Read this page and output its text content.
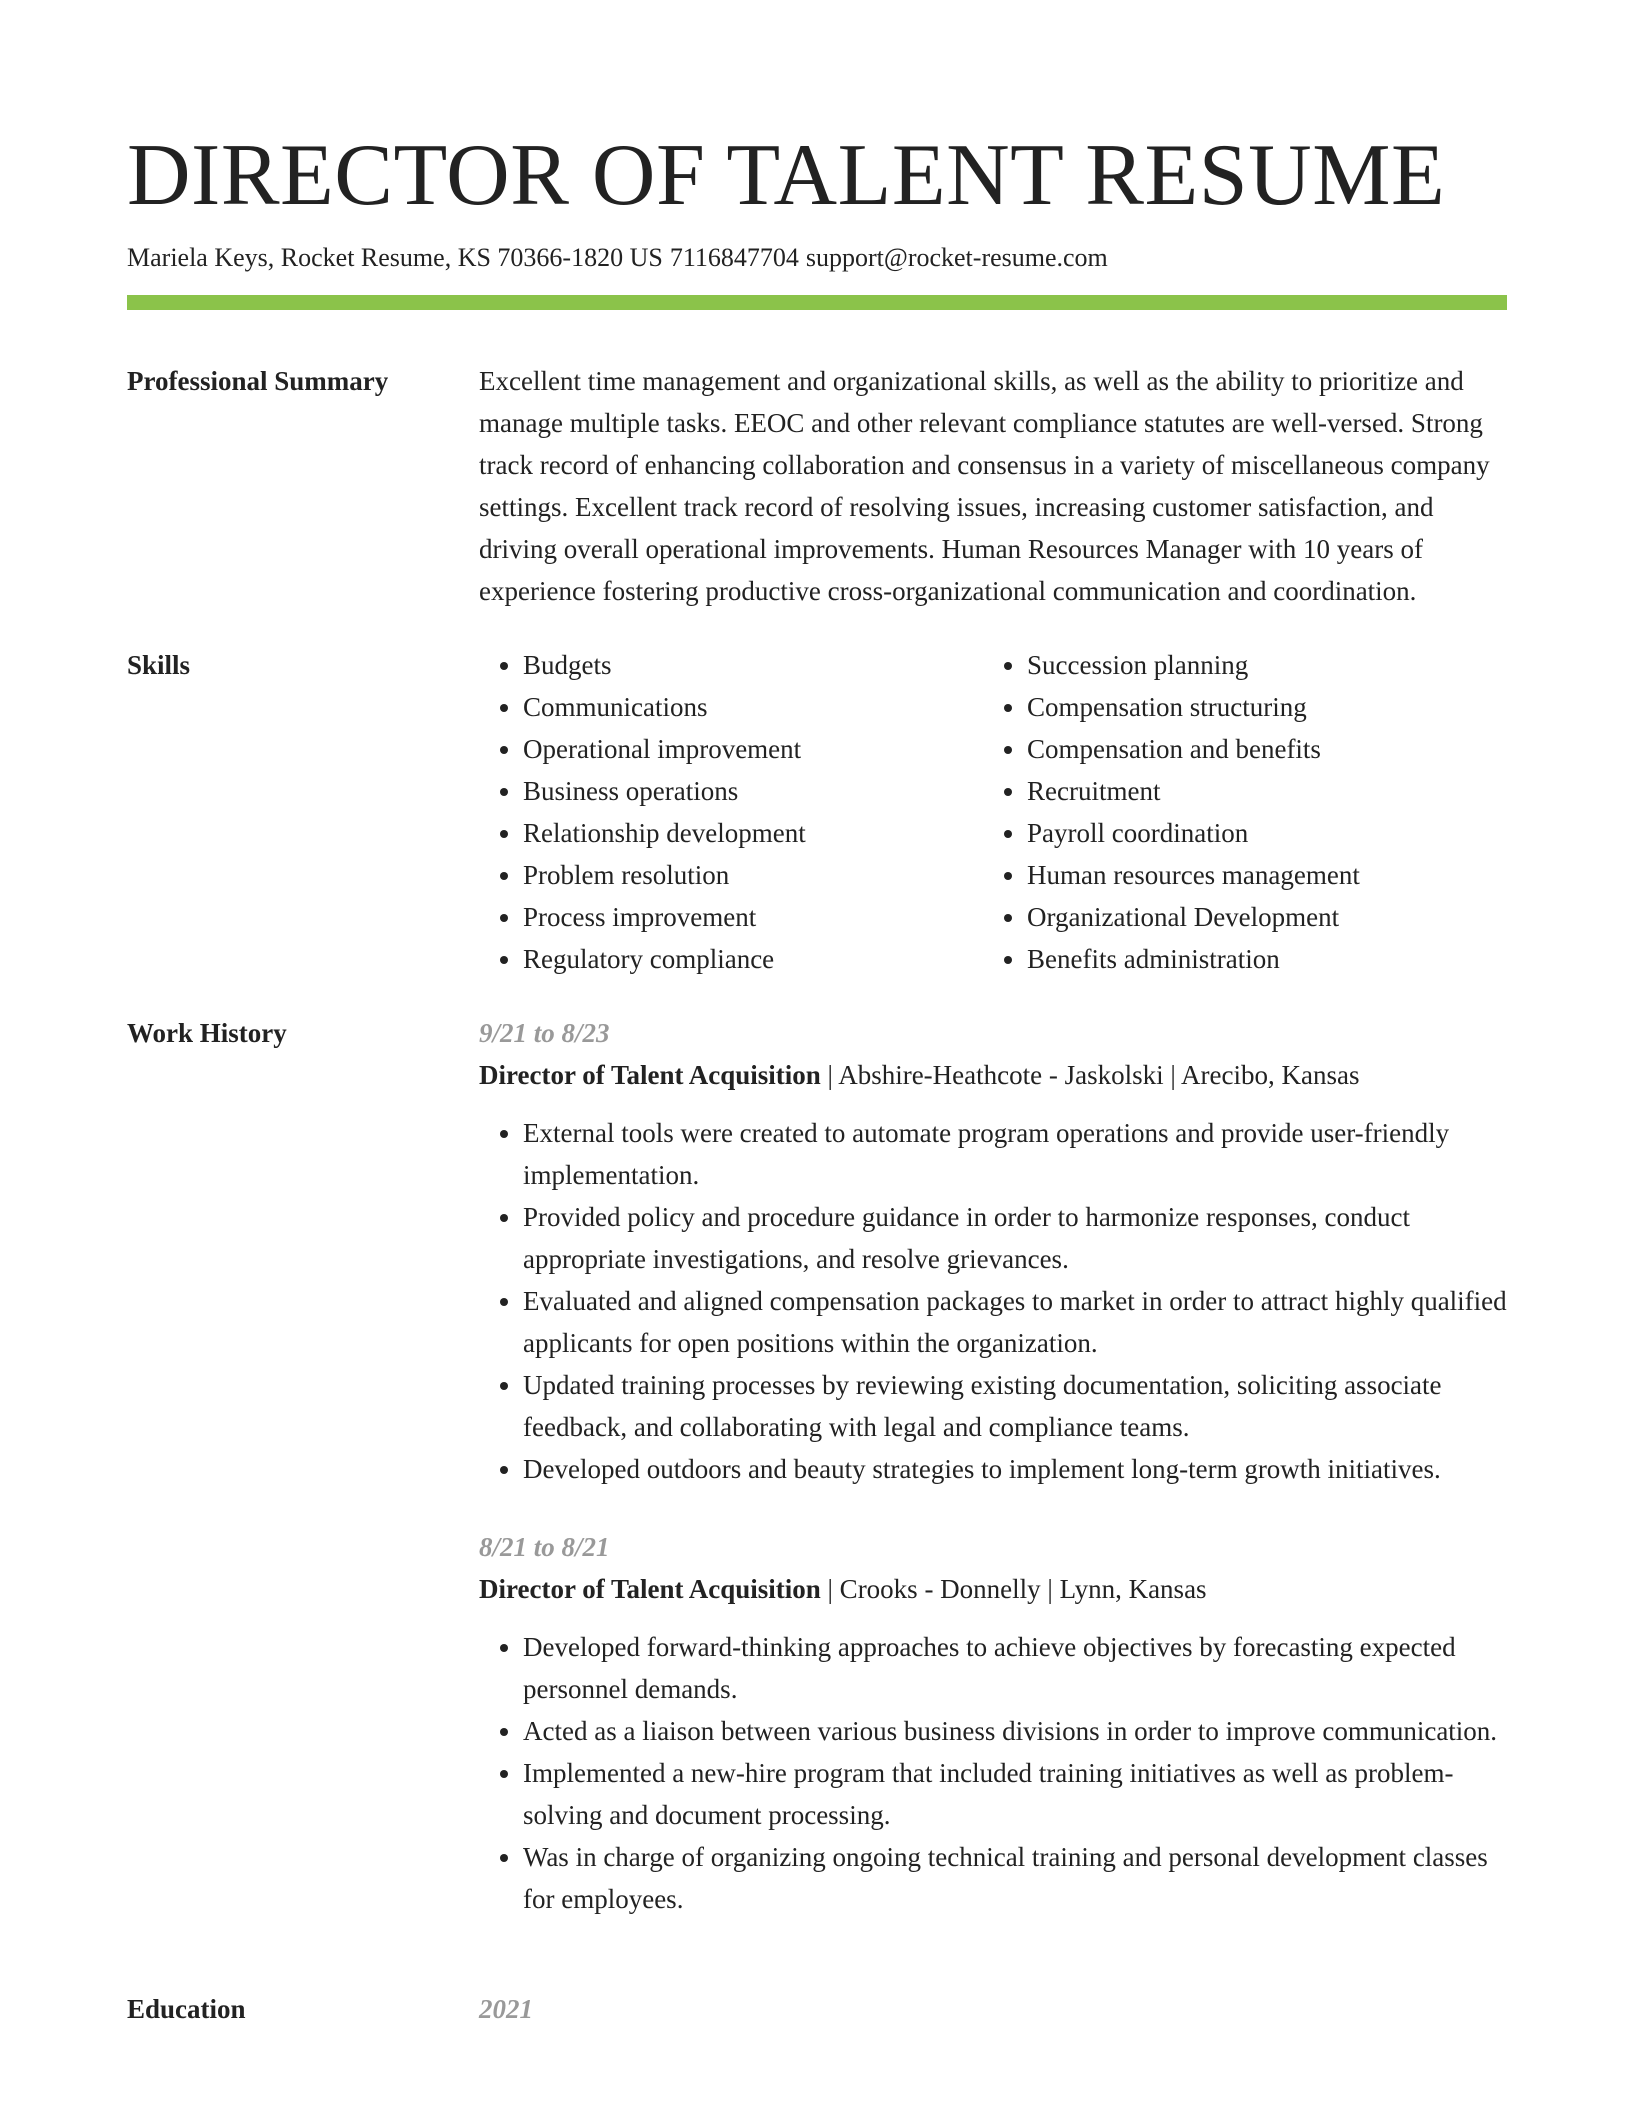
DIRECTOR OF TALENT RESUME
Mariela Keys, Rocket Resume, KS 70366-1820 US 7116847704 support@rocket-resume.com
Professional Summary	Excellent time management and organizational skills, as well as the ability to prioritize and manage multiple tasks. EEOC and other relevant compliance statutes are well-versed. Strong track record of enhancing collaboration and consensus in a variety of miscellaneous company settings. Excellent track record of resolving issues, increasing customer satisfaction, and driving overall operational improvements. Human Resources Manager with 10 years of experience fostering productive cross-organizational communication and coordination.
Skills
•	Budgets
• Communications
• Operational improvement
• Business operations
• Relationship development
• Problem resolution
• Process improvement
• Regulatory compliance
• Succession planning
• Compensation structuring
• Compensation and benefits
• Recruitment
• Payroll coordination
• Human resources management
• Organizational Development
• Benefits administration
Work History	9/21 to 8/23
Director of Talent Acquisition | Abshire-Heathcote - Jaskolski | Arecibo, Kansas
• External tools were created to automate program operations and provide user-friendly implementation.
• Provided policy and procedure guidance in order to harmonize responses, conduct appropriate investigations, and resolve grievances.
• Evaluated and aligned compensation packages to market in order to attract highly qualified applicants for open positions within the organization.
• Updated training processes by reviewing existing documentation, soliciting associate feedback, and collaborating with legal and compliance teams.
• Developed outdoors and beauty strategies to implement long-term growth initiatives.
8/21 to 8/21
Director of Talent Acquisition | Crooks - Donnelly | Lynn, Kansas
• Developed forward-thinking approaches to achieve objectives by forecasting expected personnel demands.
• Acted as a liaison between various business divisions in order to improve communication.
• Implemented a new-hire program that included training initiatives as well as problem-solving and document processing.
• Was in charge of organizing ongoing technical training and personal development classes for employees.
Education	2021
